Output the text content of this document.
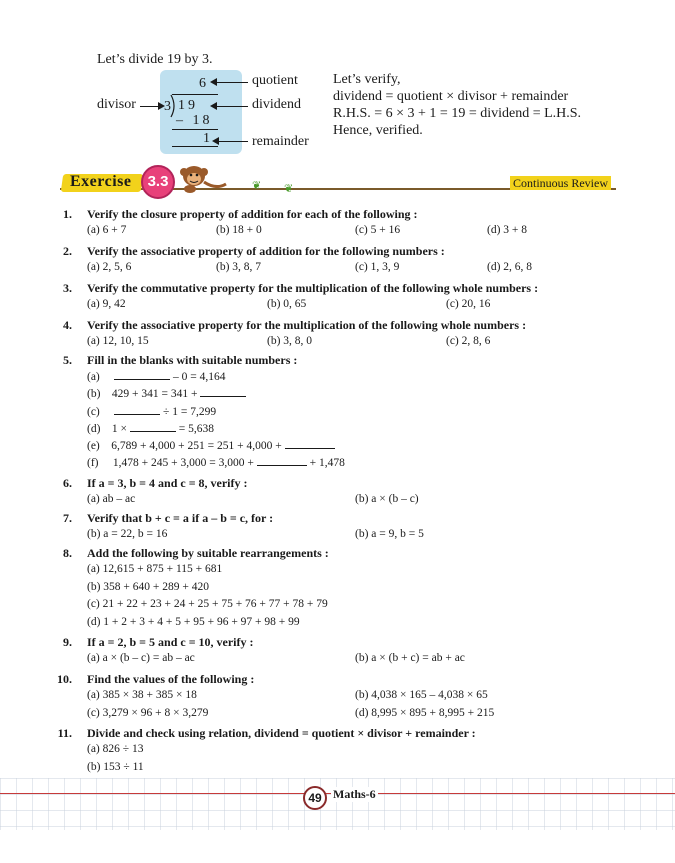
Let’s divide 19 by 3.
6
divisor 3 19
– 18
1
quotient
dividend
remainder
Let’s verify,
dividend = quotient × divisor + remainder
R.H.S. = 6 × 3 + 1 = 19 = dividend = L.H.S.
Hence, verified.
Exercise	3.3	❦ ❦	Continuous Review
1. Verify the closure property of addition for each of the following :
(a) 6 + 7	(b) 18 + 0	(c) 5 + 16	(d) 3 + 8
2. Verify the associative property of addition for the following numbers :
(a) 2, 5, 6	(b) 3, 8, 7	(c) 1, 3, 9	(d) 2, 6, 8
3. Verify the commutative property for the multiplication of the following whole numbers :
(a) 9, 42	(b) 0, 65	(c) 20, 16
4. Verify the associative property for the multiplication of the following whole numbers :
(a) 12, 10, 15	(b) 3, 8, 0	(c) 2, 8, 6
5. Fill in the blanks with suitable numbers :
(a)	– 0 = 4,164
(b) 429 + 341 = 341 +
(c)	÷ 1 = 7,299
(d) 1 ×	= 5,638
(e) 6,789 + 4,000 + 251 = 251 + 4,000 +
(f) 1,478 + 245 + 3,000 = 3,000 +	+ 1,478
6. If a = 3, b = 4 and c = 8, verify :
(a) ab – ac	(b) a × (b – c)
7. Verify that b + c = a if a – b = c, for :
(b) a = 22, b = 16	(b) a = 9, b = 5
8. Add the following by suitable rearrangements :
(a) 12,615 + 875 + 115 + 681
(b) 358 + 640 + 289 + 420
(c) 21 + 22 + 23 + 24 + 25 + 75 + 76 + 77 + 78 + 79
(d) 1 + 2 + 3 + 4 + 5 + 95 + 96 + 97 + 98 + 99
9. If a = 2, b = 5 and c = 10, verify :
(a) a × (b – c) = ab – ac	(b) a × (b + c) = ab + ac
10. Find the values of the following :
(a) 385 × 38 + 385 × 18	(b) 4,038 × 165 – 4,038 × 65
(c) 3,279 × 96 + 8 × 3,279	(d) 8,995 × 895 + 8,995 + 215
11. Divide and check using relation, dividend = quotient × divisor + remainder :
(a) 826 ÷ 13
(b) 153 ÷ 11
49 Maths-6
